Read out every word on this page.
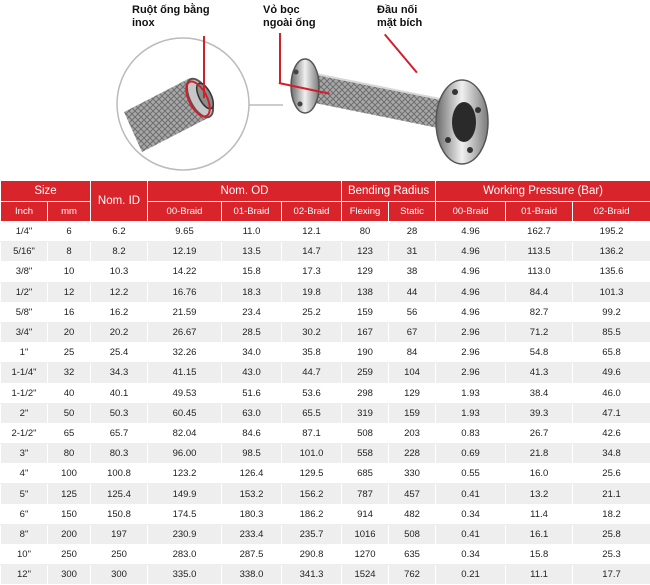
Ruột ống bằng inox
Vỏ bọc ngoài ống
Đầu nối mặt bích
Size		Nom. ID	Nom. OD			Bending Radius		Working Pressure (Bar)		
Inch	mm		00-Braid	01-Braid	02-Braid	Flexing	Static	00-Braid	01-Braid	02-Braid
1/4"	6	6.2	9.65	11.0	12.1	80	28	4.96	162.7	195.2
5/16"	8	8.2	12.19	13.5	14.7	123	31	4.96	113.5	136.2
3/8"	10	10.3	14.22	15.8	17.3	129	38	4.96	113.0	135.6
1/2"	12	12.2	16.76	18.3	19.8	138	44	4.96	84.4	101.3
5/8"	16	16.2	21.59	23.4	25.2	159	56	4.96	82.7	99.2
3/4"	20	20.2	26.67	28.5	30.2	167	67	2.96	71.2	85.5
1"	25	25.4	32.26	34.0	35.8	190	84	2.96	54.8	65.8
1-1/4"	32	34.3	41.15	43.0	44.7	259	104	2.96	41.3	49.6
1-1/2"	40	40.1	49.53	51.6	53.6	298	129	1.93	38.4	46.0
2"	50	50.3	60.45	63.0	65.5	319	159	1.93	39.3	47.1
2-1/2"	65	65.7	82.04	84.6	87.1	508	203	0.83	26.7	42.6
3"	80	80.3	96.00	98.5	101.0	558	228	0.69	21.8	34.8
4"	100	100.8	123.2	126.4	129.5	685	330	0.55	16.0	25.6
5"	125	125.4	149.9	153.2	156.2	787	457	0.41	13.2	21.1
6"	150	150.8	174.5	180.3	186.2	914	482	0.34	11.4	18.2
8"	200	197	230.9	233.4	235.7	1016	508	0.41	16.1	25.8
10"	250	250	283.0	287.5	290.8	1270	635	0.34	15.8	25.3
12"	300	300	335.0	338.0	341.3	1524	762	0.21	11.1	17.7
